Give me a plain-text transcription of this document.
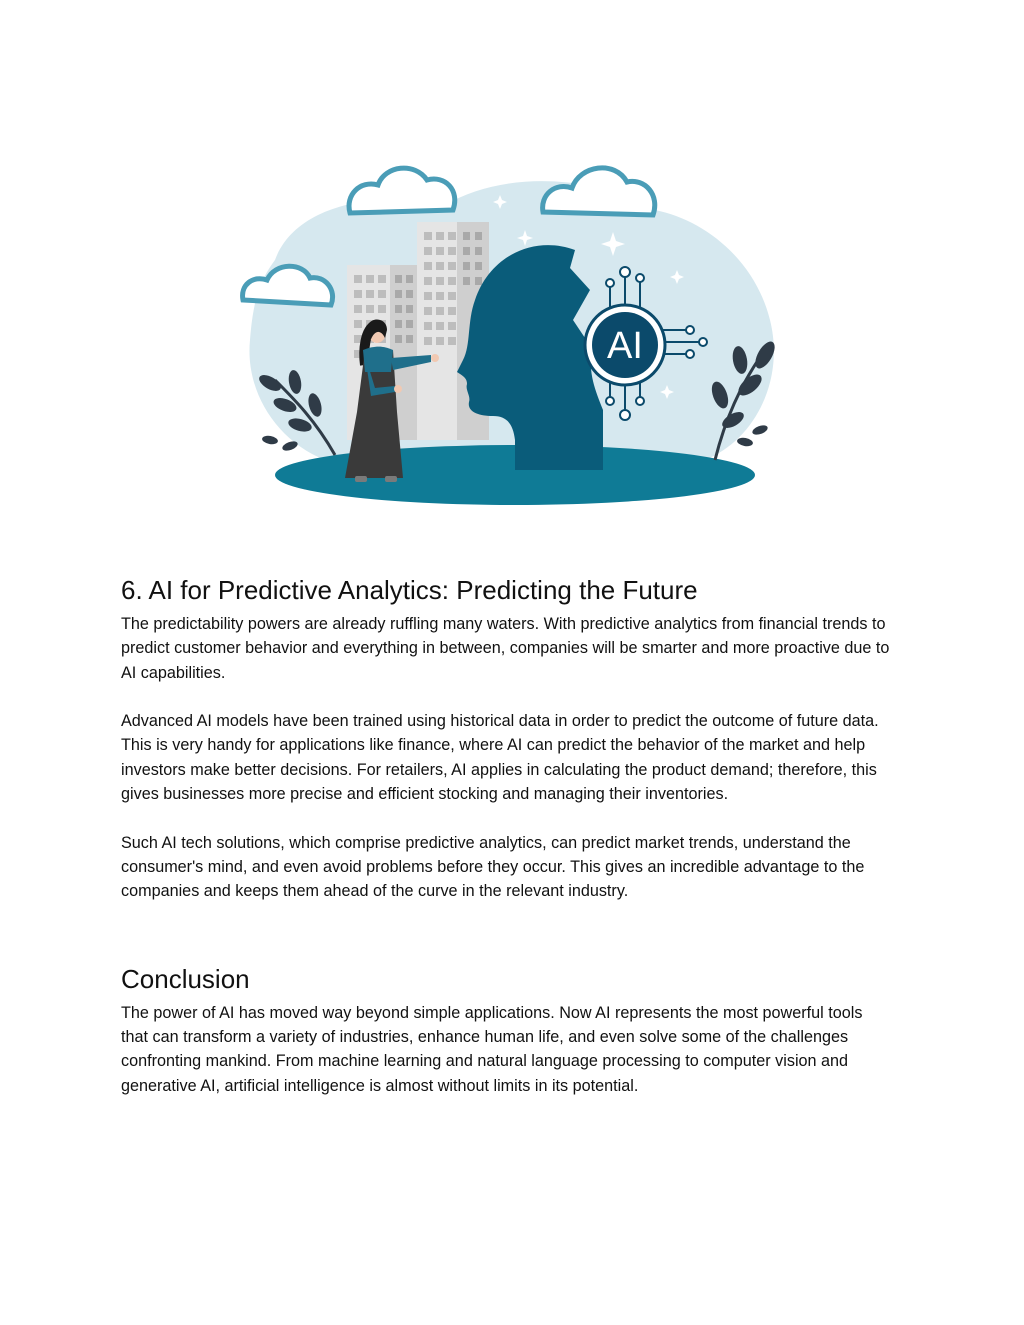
AI
6. AI for Predictive Analytics: Predicting the Future

The predictability powers are already ruffling many waters. With predictive analytics from financial trends to predict customer behavior and everything in between, companies will be smarter and more proactive due to AI capabilities.

Advanced AI models have been trained using historical data in order to predict the outcome of future data. This is very handy for applications like finance, where AI can predict the behavior of the market and help investors make better decisions. For retailers, AI applies in calculating the product demand; therefore, this gives businesses more precise and efficient stocking and managing their inventories.

Such AI tech solutions, which comprise predictive analytics, can predict market trends, understand the consumer's mind, and even avoid problems before they occur. This gives an incredible advantage to the companies and keeps them ahead of the curve in the relevant industry.

Conclusion

The power of AI has moved way beyond simple applications. Now AI represents the most powerful tools that can transform a variety of industries, enhance human life, and even solve some of the challenges confronting mankind. From machine learning and natural language processing to computer vision and generative AI, artificial intelligence is almost without limits in its potential.
